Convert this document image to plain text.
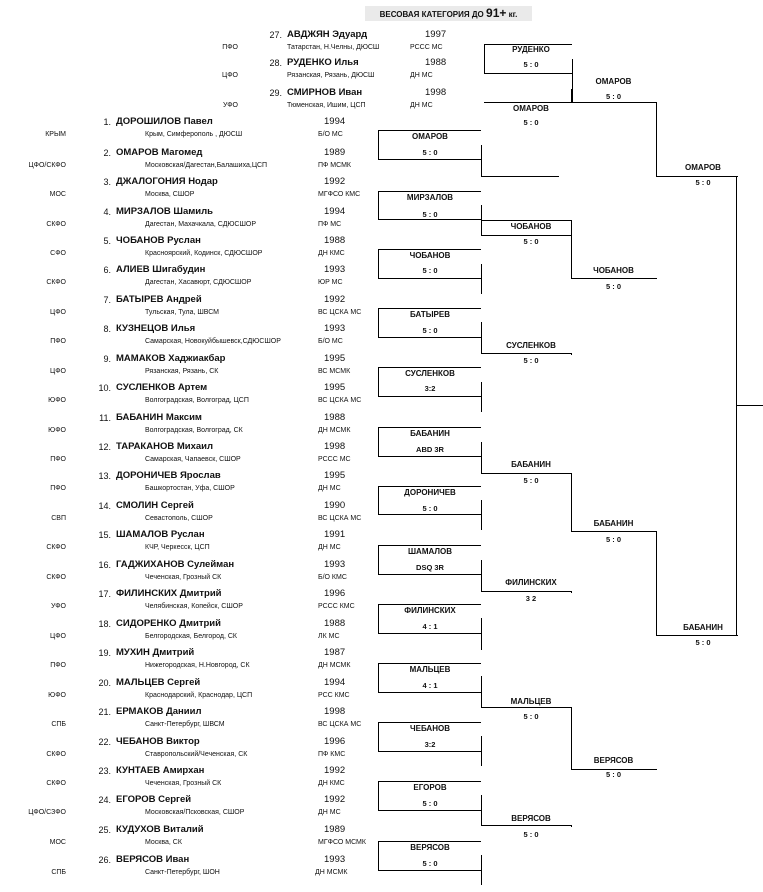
ВЕСОВАЯ КАТЕГОРИЯ ДО 91+ кг.
27. АВДЖЯН Эдуард	1997
ПФО	Татарстан, Н.Челны, ДЮСШ	РССС МС
28. РУДЕНКО Илья	1988
ЦФО	Рязанская, Рязань, ДЮСШ	ДН МС
29. СМИРНОВ Иван	1998
УФО	Тюменская, Ишим, ЦСП	ДН МС
1. ДОРОШИЛОВ Павел	1994
КРЫМ	Крым, Симферополь , ДЮСШ	Б/О МС
2. ОМАРОВ Магомед	1989
ЦФО/СКФО	Московская/Дагестан,Балашиха,ЦСП	ПФ МСМК
3. ДЖАЛОГОНИЯ Нодар	1992
МОС	Москва, СШОР	МГФСО КМС
4. МИРЗАЛОВ Шамиль	1994
СКФО	Дагестан, Махачкала, СДЮСШОР	ПФ МС
5. ЧОБАНОВ Руслан	1988
СФО	Красноярский, Кодинск, СДЮСШОР	ДН КМС
6. АЛИЕВ Шигабудин	1993
СКФО	Дагестан, Хасавюрт, СДЮСШОР	ЮР МС
7. БАТЫРЕВ Андрей	1992
ЦФО	Тульская, Тула, ШВСМ	ВС ЦСКА МС
8. КУЗНЕЦОВ Илья	1993
ПФО	Самарская, Новокуйбышевск,СДЮСШОР	Б/О МС
9. МАМАКОВ Хаджиакбар	1995
ЦФО	Рязанская, Рязань, СК	ВС МСМК
10. СУСЛЕНКОВ Артем	1995
ЮФО	Волгоградская, Волгоград, ЦСП	ВС ЦСКА МС
11. БАБАНИН Максим	1988
ЮФО	Волгоградская, Волгоград, СК	ДН МСМК
12. ТАРАКАНОВ Михаил	1998
ПФО	Самарская, Чапаевск, СШОР	РССС МС
13. ДОРОНИЧЕВ Ярослав	1995
ПФО	Башкортостан, Уфа, СШОР	ДН МС
14. СМОЛИН Сергей	1990
СВП	Севастополь, СШОР	ВС ЦСКА МС
15. ШАМАЛОВ Руслан	1991
СКФО	КЧР, Черкесск, ЦСП	ДН МС
16. ГАДЖИХАНОВ Сулейман	1993
СКФО	Чеченская, Грозный СК	Б/О КМС
17. ФИЛИНСКИХ Дмитрий	1996
УФО	Челябинская, Копейск, СШОР	РССС КМС
18. СИДОРЕНКО Дмитрий	1988
ЦФО	Белгородская, Белгород, СК	ЛК МС
19. МУХИН Дмитрий	1987
ПФО	Нижегородская, Н.Новгород, СК	ДН МСМК
20. МАЛЬЦЕВ Сергей	1994
ЮФО	Краснодарский, Краснодар, ЦСП	РСС КМС
21. ЕРМАКОВ Даниил	1998
СПБ	Санкт-Петербург, ШВСМ	ВС ЦСКА МС
22. ЧЕБАНОВ Виктор	1996
СКФО	Ставропольский/Чеченская, СК	ПФ КМС
23. КУНТАЕВ Амирхан	1992
СКФО	Чеченская, Грозный СК	ДН КМС
24. ЕГОРОВ Сергей	1992
ЦФО/СЗФО	Московская/Псковская, СШОР	ДН МС
25. КУДУХОВ Виталий	1989
МОС	Москва, СК	МГФСО МСМК
26. ВЕРЯСОВ Иван	1993
СПБ	Санкт-Петербург, ШОН	ДН МСМК
РУДЕНКО
5 : 0
ОМАРОВ
5 : 0
ОМАРОВ
5 : 0
ОМАРОВ
5 : 0
ОМАРОВ
5 : 0
МИРЗАЛОВ
5 : 0
ЧОБАНОВ
5 : 0
ЧОБАНОВ
5 : 0	ЧОБАНОВ
5 : 0
БАТЫРЕВ
5 : 0
СУСЛЕНКОВ
5 : 0
СУСЛЕНКОВ
3:2
БАБАНИН
ABD 3R
БАБАНИН
5 : 0
ДОРОНИЧЕВ
5 : 0
БАБАНИН
5 : 0
ШАМАЛОВ
DSQ 3R
ФИЛИНСКИХ
3 2
ФИЛИНСКИХ
4 : 1	БАБАНИН
5 : 0
МАЛЬЦЕВ
4 : 1
МАЛЬЦЕВ
5 : 0
ЧЕБАНОВ
3:2
ВЕРЯСОВ
5 : 0
ЕГОРОВ
5 : 0
ВЕРЯСОВ
5 : 0
ВЕРЯСОВ
5 : 0
